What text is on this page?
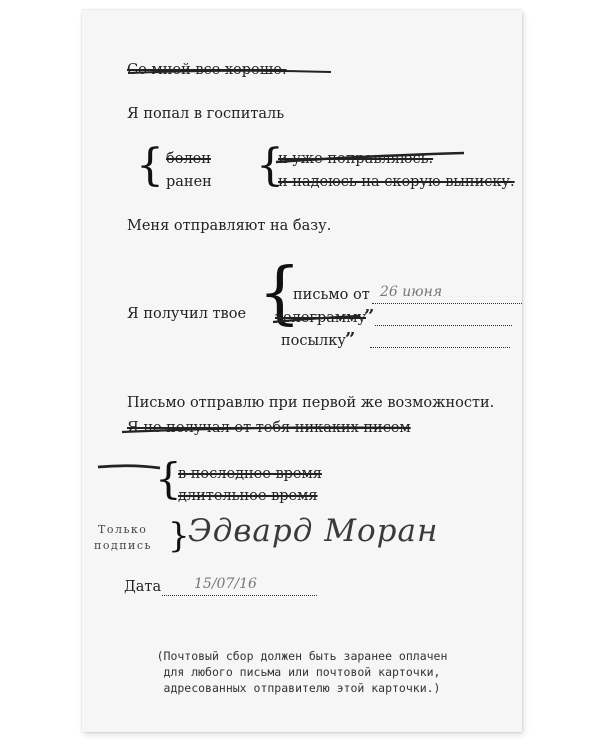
Со мной все хорошо.
Я попал в госпиталь
{ болен
ранен {
и уже поправляюсь.
и надеюсь на скорую выписку.
Меня отправляют на базу.
Я получил твое {
письмо от 26 июня
телеграмму
”
посылку ”
Письмо отправлю при первой же возможности.
Я не получал от тебя никаких писем
{
в последнее время
длительное время
Только
подпись {
Эдвард Моран
Дата 15/07/16
(Почтовый сбор должен быть заранее оплачен
для любого письма или почтовой карточки,
адресованных отправителю этой карточки.)
